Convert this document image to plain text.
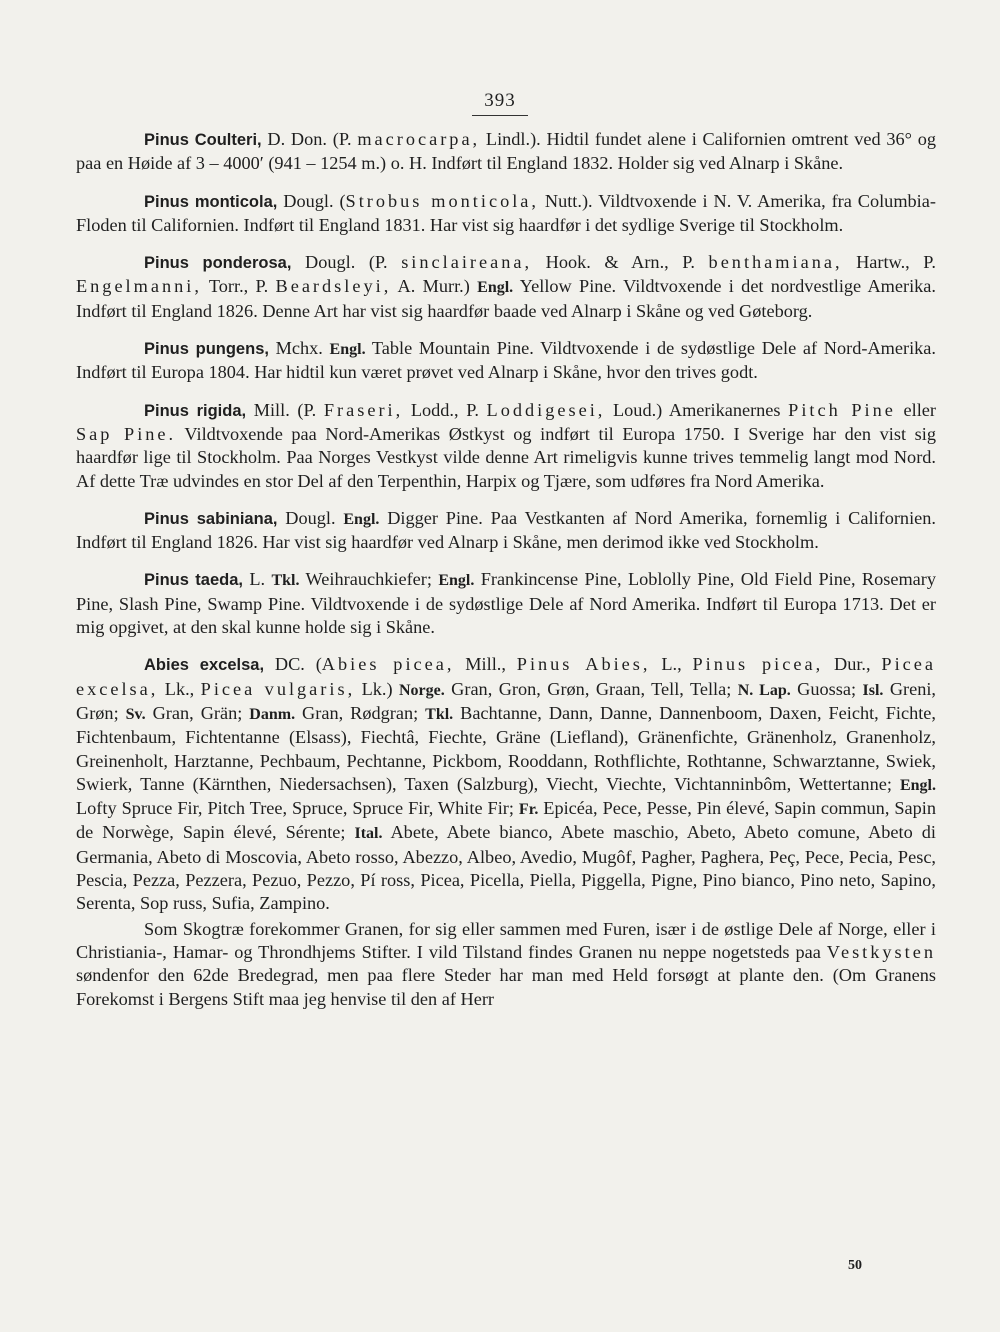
393

Pinus Coulteri, D. Don. (P. macrocarpa, Lindl.). Hidtil fundet alene i Californien omtrent ved 36° og paa en Høide af 3 – 4000′ (941 – 1254 m.) o. H. Indført til England 1832. Holder sig ved Alnarp i Skåne.

Pinus monticola, Dougl. (Strobus monticola, Nutt.). Vildtvoxende i N. V. Amerika, fra Columbia-Floden til Californien. Indført til England 1831. Har vist sig haardfør i det sydlige Sverige til Stockholm.

Pinus ponderosa, Dougl. (P. sinclaireana, Hook. & Arn., P. benthamiana, Hartw., P. Engelmanni, Torr., P. Beardsleyi, A. Murr.) Engl. Yellow Pine. Vildtvoxende i det nordvestlige Amerika. Indført til England 1826. Denne Art har vist sig haardfør baade ved Alnarp i Skåne og ved Gøteborg.

Pinus pungens, Mchx. Engl. Table Mountain Pine. Vildtvoxende i de sydøstlige Dele af Nord-Amerika. Indført til Europa 1804. Har hidtil kun været prøvet ved Alnarp i Skåne, hvor den trives godt.

Pinus rigida, Mill. (P. Fraseri, Lodd., P. Loddigesei, Loud.) Amerikanernes Pitch Pine eller Sap Pine. Vildtvoxende paa Nord-Amerikas Østkyst og indført til Europa 1750. I Sverige har den vist sig haardfør lige til Stockholm. Paa Norges Vestkyst vilde denne Art rimeligvis kunne trives temmelig langt mod Nord. Af dette Træ udvindes en stor Del af den Terpenthin, Harpix og Tjære, som udføres fra Nord Amerika.

Pinus sabiniana, Dougl. Engl. Digger Pine. Paa Vestkanten af Nord Amerika, fornemlig i Californien. Indført til England 1826. Har vist sig haardfør ved Alnarp i Skåne, men derimod ikke ved Stockholm.

Pinus taeda, L. Tkl. Weihrauchkiefer; Engl. Frankincense Pine, Loblolly Pine, Old Field Pine, Rosemary Pine, Slash Pine, Swamp Pine. Vildtvoxende i de sydøstlige Dele af Nord Amerika. Indført til Europa 1713. Det er mig opgivet, at den skal kunne holde sig i Skåne.

Abies excelsa, DC. (Abies picea, Mill., Pinus Abies, L., Pinus picea, Dur., Picea excelsa, Lk., Picea vulgaris, Lk.) Norge. Gran, Gron, Grøn, Graan, Tell, Tella; N. Lap. Guossa; Isl. Greni, Grøn; Sv. Gran, Grän; Danm. Gran, Rødgran; Tkl. Bachtanne, Dann, Danne, Dannenboom, Daxen, Feicht, Fichte, Fichtenbaum, Fichtentanne (Elsass), Fiechtâ, Fiechte, Gräne (Liefland), Gränenfichte, Gränenholz, Granenholz, Greinenholt, Harztanne, Pechbaum, Pechtanne, Pickbom, Rooddann, Rothflichte, Rothtanne, Schwarztanne, Swiek, Swierk, Tanne (Kärnthen, Niedersachsen), Taxen (Salzburg), Viecht, Viechte, Vichtanninbôm, Wettertanne; Engl. Lofty Spruce Fir, Pitch Tree, Spruce, Spruce Fir, White Fir; Fr. Epicéa, Pece, Pesse, Pin élevé, Sapin commun, Sapin de Norwège, Sapin élevé, Sérente; Ital. Abete, Abete bianco, Abete maschio, Abeto, Abeto comune, Abeto di Germania, Abeto di Moscovia, Abeto rosso, Abezzo, Albeo, Avedio, Mugôf, Pagher, Paghera, Peç, Pece, Pecia, Pesc, Pescia, Pezza, Pezzera, Pezuo, Pezzo, Pí ross, Picea, Picella, Piella, Piggella, Pigne, Pino bianco, Pino neto, Sapino, Serenta, Sop russ, Sufia, Zampino.

Som Skogtræ forekommer Granen, for sig eller sammen med Furen, især i de østlige Dele af Norge, eller i Christiania-, Hamar- og Throndhjems Stifter. I vild Tilstand findes Granen nu neppe nogetsteds paa Vestkysten søndenfor den 62de Bredegrad, men paa flere Steder har man med Held forsøgt at plante den. (Om Granens Forekomst i Bergens Stift maa jeg henvise til den af Herr

50
